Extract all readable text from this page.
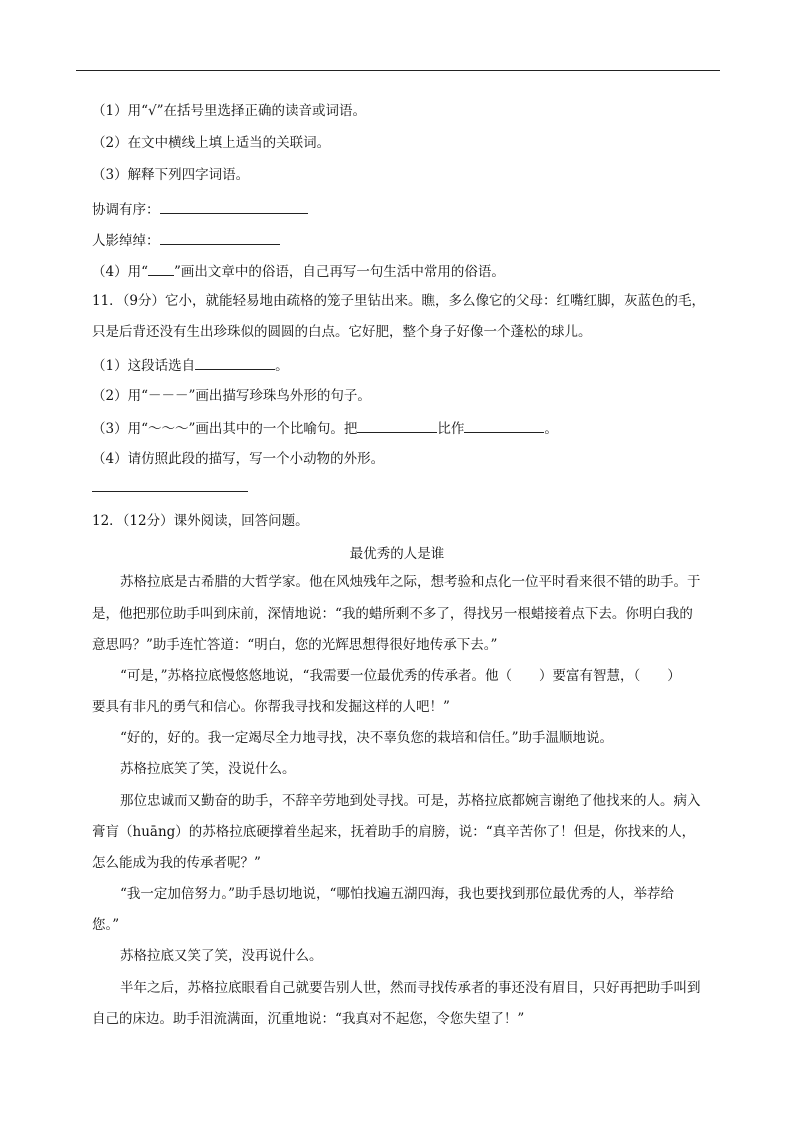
（1）用“√”在括号里选择正确的读音或词语。
（2）在文中横线上填上适当的关联词。
（3）解释下列四字词语。
协调有序：
人影绰绰：
（4）用“ ”画出文章中的俗语，自己再写一句生活中常用的俗语。
11．（9分）它小，就能轻易地由疏格的笼子里钻出来。瞧，多么像它的父母：红嘴红脚，灰蓝色的毛，
只是后背还没有生出珍珠似的圆圆的白点。它好肥，整个身子好像一个蓬松的球儿。
（1）这段话选自	。
（2）用“－－－”画出描写珍珠鸟外形的句子。
（3）用“～～～”画出其中的一个比喻句。把	比作	。
（4）请仿照此段的描写，写一个小动物的外形。
12．（12分）课外阅读，回答问题。
最优秀的人是谁
苏格拉底是古希腊的大哲学家。他在风烛残年之际，想考验和点化一位平时看来很不错的助手。于
是，他把那位助手叫到床前，深情地说：“我的蜡所剩不多了，得找另一根蜡接着点下去。你明白我的
意思吗？”助手连忙答道：“明白，您的光辉思想得很好地传承下去。”
“可是，”苏格拉底慢悠悠地说，“我需要一位最优秀的传承者。他（　　）要富有智慧，（　　）
要具有非凡的勇气和信心。你帮我寻找和发掘这样的人吧！”
“好的，好的。我一定竭尽全力地寻找，决不辜负您的栽培和信任。”助手温顺地说。
苏格拉底笑了笑，没说什么。
那位忠诚而又勤奋的助手，不辞辛劳地到处寻找。可是，苏格拉底都婉言谢绝了他找来的人。病入
膏肓（huāng）的苏格拉底硬撑着坐起来，抚着助手的肩膀，说：“真辛苦你了！但是，你找来的人，
怎么能成为我的传承者呢？”
“我一定加倍努力。”助手恳切地说，“哪怕找遍五湖四海，我也要找到那位最优秀的人，举荐给
您。”
苏格拉底又笑了笑，没再说什么。
半年之后，苏格拉底眼看自己就要告别人世，然而寻找传承者的事还没有眉目，只好再把助手叫到
自己的床边。助手泪流满面，沉重地说：“我真对不起您，令您失望了！”
